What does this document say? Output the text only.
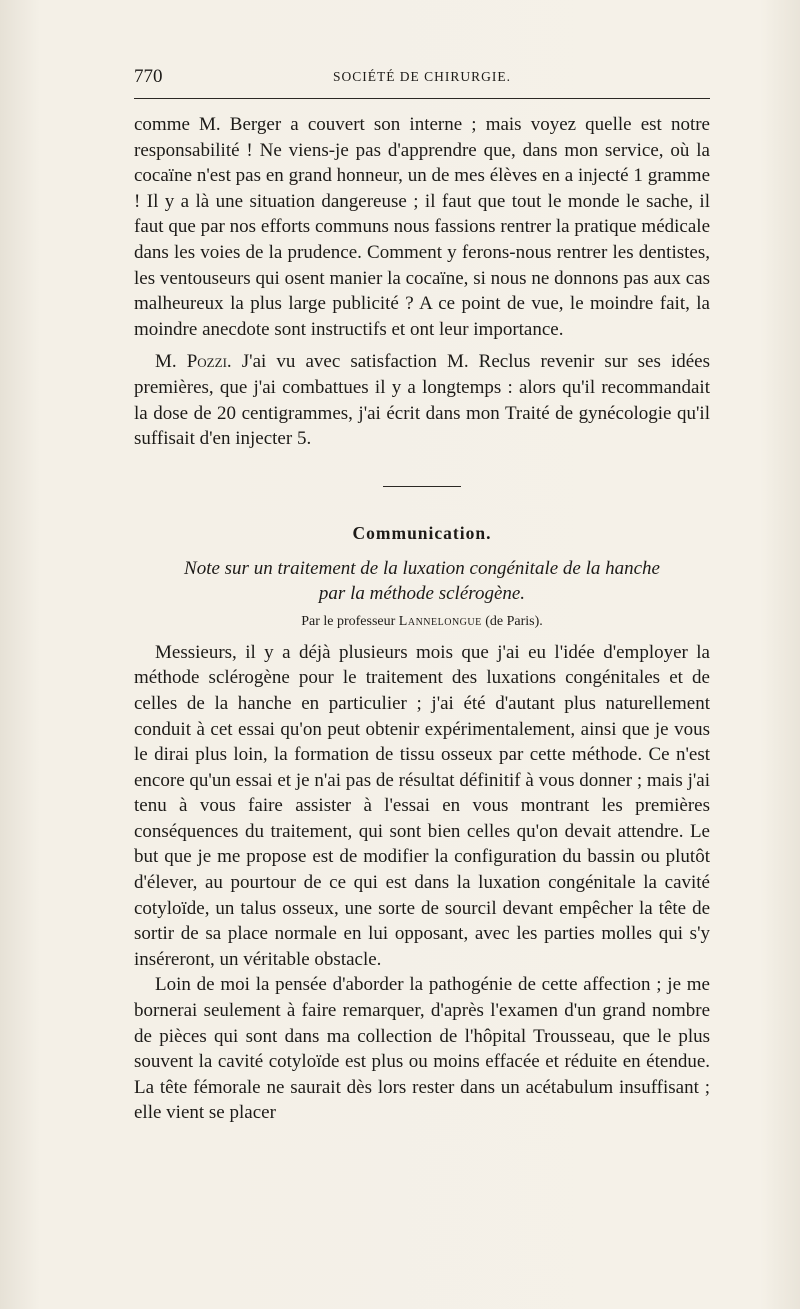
770	SOCIÉTÉ DE CHIRURGIE.

comme M. Berger a couvert son interne ; mais voyez quelle est notre responsabilité ! Ne viens-je pas d'apprendre que, dans mon service, où la cocaïne n'est pas en grand honneur, un de mes élèves en a injecté 1 gramme ! Il y a là une situation dangereuse ; il faut que tout le monde le sache, il faut que par nos efforts communs nous fassions rentrer la pratique médicale dans les voies de la prudence. Comment y ferons-nous rentrer les dentistes, les ventouseurs qui osent manier la cocaïne, si nous ne donnons pas aux cas malheureux la plus large publicité ? A ce point de vue, le moindre fait, la moindre anecdote sont instructifs et ont leur importance.

M. Pozzi. J'ai vu avec satisfaction M. Reclus revenir sur ses idées premières, que j'ai combattues il y a longtemps : alors qu'il recommandait la dose de 20 centigrammes, j'ai écrit dans mon Traité de gynécologie qu'il suffisait d'en injecter 5.

Communication.
Note sur un traitement de la luxation congénitale de la hanche
par la méthode sclérogène.
Par le professeur Lannelongue (de Paris).

Messieurs, il y a déjà plusieurs mois que j'ai eu l'idée d'employer la méthode sclérogène pour le traitement des luxations congénitales et de celles de la hanche en particulier ; j'ai été d'autant plus naturellement conduit à cet essai qu'on peut obtenir expérimentalement, ainsi que je vous le dirai plus loin, la formation de tissu osseux par cette méthode. Ce n'est encore qu'un essai et je n'ai pas de résultat définitif à vous donner ; mais j'ai tenu à vous faire assister à l'essai en vous montrant les premières conséquences du traitement, qui sont bien celles qu'on devait attendre. Le but que je me propose est de modifier la configuration du bassin ou plutôt d'élever, au pourtour de ce qui est dans la luxation congénitale la cavité cotyloïde, un talus osseux, une sorte de sourcil devant empêcher la tête de sortir de sa place normale en lui opposant, avec les parties molles qui s'y inséreront, un véritable obstacle.

Loin de moi la pensée d'aborder la pathogénie de cette affection ; je me bornerai seulement à faire remarquer, d'après l'examen d'un grand nombre de pièces qui sont dans ma collection de l'hôpital Trousseau, que le plus souvent la cavité cotyloïde est plus ou moins effacée et réduite en étendue. La tête fémorale ne saurait dès lors rester dans un acétabulum insuffisant ; elle vient se placer
